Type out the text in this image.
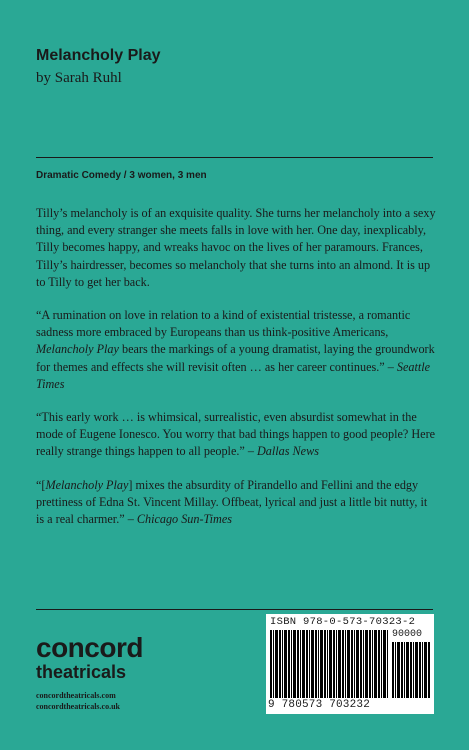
Melancholy Play

by Sarah Ruhl

Dramatic Comedy / 3 women, 3 men

Tilly’s melancholy is of an exquisite quality. She turns her melancholy into a sexy thing, and every stranger she meets falls in love with her. One day, inexplicably, Tilly becomes happy, and wreaks havoc on the lives of her paramours. Frances, Tilly’s hairdresser, becomes so melancholy that she turns into an almond. It is up to Tilly to get her back.

“A rumination on love in relation to a kind of existential tristesse, a romantic sadness more embraced by Europeans than us think-positive Americans, Melancholy Play bears the markings of a young dramatist, laying the groundwork for themes and effects she will revisit often … as her career continues.” – Seattle Times

“This early work … is whimsical, surrealistic, even absurdist somewhat in the mode of Eugene Ionesco. You worry that bad things happen to good people? Here really strange things happen to all people.” – Dallas News

“[Melancholy Play] mixes the absurdity of Pirandello and Fellini and the edgy prettiness of Edna St. Vincent Millay. Offbeat, lyrical and just a little bit nutty, it is a real charmer.” – Chicago Sun-Times

concord
theatricals
concordtheatricals.com
concordtheatricals.co.uk
ISBN 978-0-573-70323-2
90000
9 780573 703232
